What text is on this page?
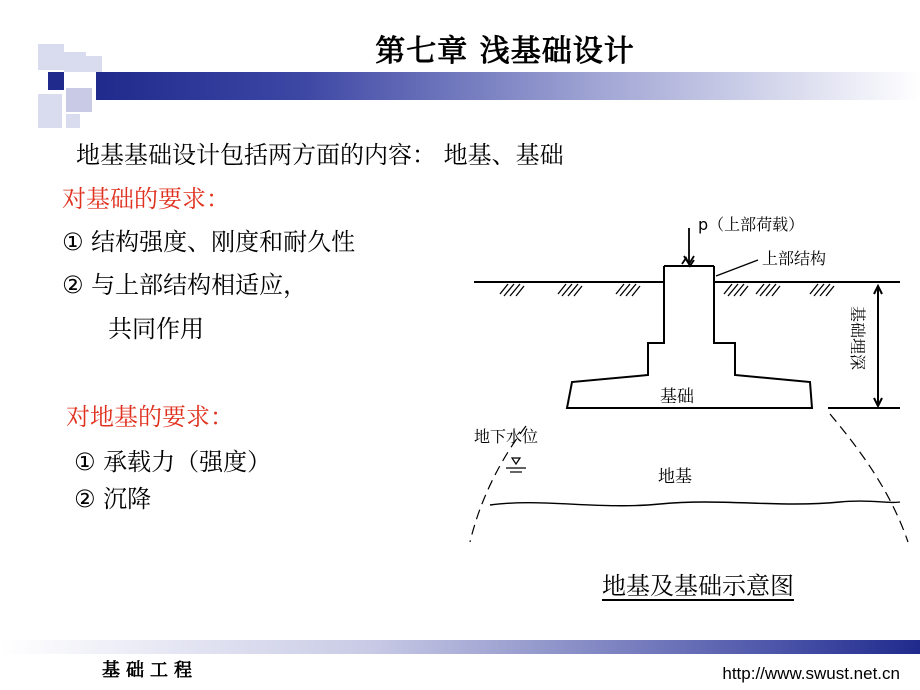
第七章 浅基础设计
地基基础设计包括两方面的内容： 地基、基础
对基础的要求：
① 结构强度、刚度和耐久性
② 与上部结构相适应，
共同作用
对地基的要求：
① 承载力（强度）
② 沉降
p（上部荷载）
上部结构
基础
地下水位
地基
基础埋深
地基及基础示意图
基础工程	http://www.swust.net.cn
